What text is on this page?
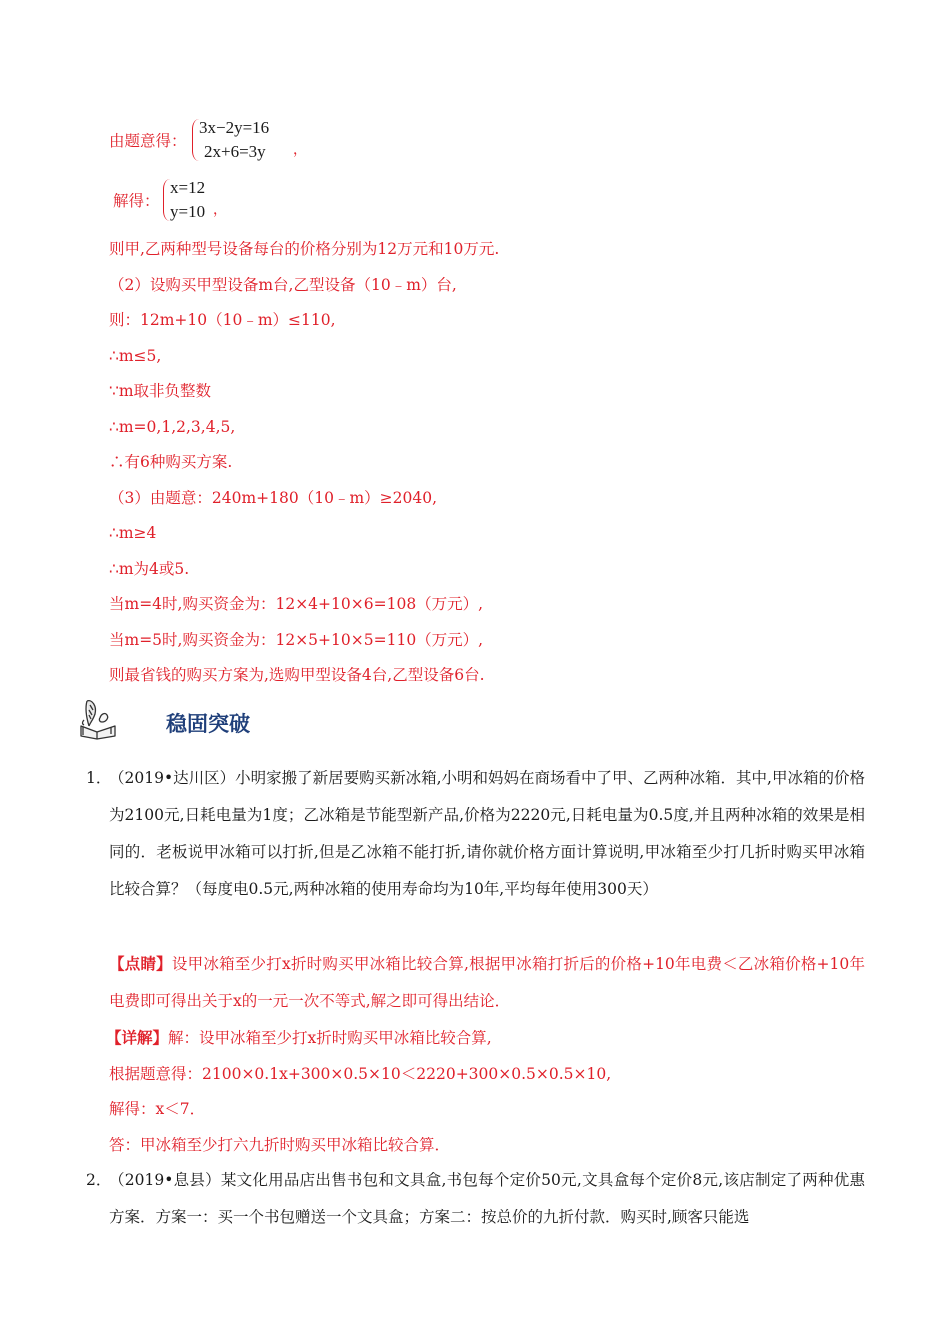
由题意得：
3x−2y=16
2x+6=3y ，
解得：
x=12
y=10 ，
则甲,乙两种型号设备每台的价格分别为12万元和10万元.
（2）设购买甲型设备m台,乙型设备（10﹣m）台,
则：12m+10（10﹣m）≤110,
∴m≤5,
∵m取非负整数
∴m=0,1,2,3,4,5,
∴有6种购买方案.
（3）由题意：240m+180（10﹣m）≥2040,
∴m≥4
∴m为4或5.
当m=4时,购买资金为：12×4+10×6=108（万元）,
当m=5时,购买资金为：12×5+10×5=110（万元）,
则最省钱的购买方案为,选购甲型设备4台,乙型设备6台.
稳固突破
1．
（2019•达川区）小明家搬了新居要购买新冰箱,小明和妈妈在商场看中了甲、乙两种冰箱．其中,甲冰箱的价格为2100元,日耗电量为1度；乙冰箱是节能型新产品,价格为2220元,日耗电量为0.5度,并且两种冰箱的效果是相同的．老板说甲冰箱可以打折,但是乙冰箱不能打折,请你就价格方面计算说明,甲冰箱至少打几折时购买甲冰箱比较合算？（每度电0.5元,两种冰箱的使用寿命均为10年,平均每年使用300天）
【点睛】设甲冰箱至少打x折时购买甲冰箱比较合算,根据甲冰箱打折后的价格+10年电费＜乙冰箱价格+10年电费即可得出关于x的一元一次不等式,解之即可得出结论．
【详解】解：设甲冰箱至少打x折时购买甲冰箱比较合算,
根据题意得：2100×0.1x+300×0.5×10＜2220+300×0.5×0.5×10,
解得：x＜7．
答：甲冰箱至少打六九折时购买甲冰箱比较合算．
2．
（2019•息县）某文化用品店出售书包和文具盒,书包每个定价50元,文具盒每个定价8元,该店制定了两种优惠方案．方案一：买一个书包赠送一个文具盒；方案二：按总价的九折付款．购买时,顾客只能选
